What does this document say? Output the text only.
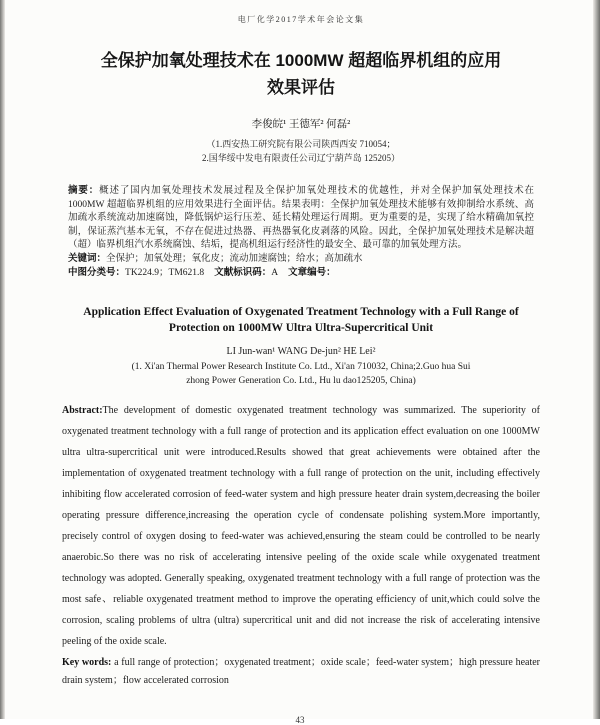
电厂化学2017学术年会论文集
全保护加氧处理技术在 1000MW 超超临界机组的应用
效果评估
李俊皖¹ 王德军² 何磊²
（1.西安热工研究院有限公司陕西西安 710054；
2.国华绥中发电有限责任公司辽宁葫芦岛 125205）

摘要：概述了国内加氧处理技术发展过程及全保护加氧处理技术的优越性，并对全保护加氧处理技术在 1000MW 超超临界机组的应用效果进行全面评估。结果表明：全保护加氧处理技术能够有效抑制给水系统、高加疏水系统流动加速腐蚀，降低锅炉运行压差、延长精处理运行周期。更为重要的是，实现了给水精确加氧控制，保证蒸汽基本无氧，不存在促进过热器、再热器氧化皮剥落的风险。因此，全保护加氧处理技术是解决超（超）临界机组汽水系统腐蚀、结垢，提高机组运行经济性的最安全、最可靠的加氧处理方法。

关键词：全保护；加氧处理；氧化皮；流动加速腐蚀；给水；高加疏水

中图分类号：TK224.9；TM621.8 文献标识码：A 文章编号：

Application Effect Evaluation of Oxygenated Treatment Technology with a Full Range of
Protection on 1000MW Ultra Ultra-Supercritical Unit
LI Jun-wan¹ WANG De-jun² HE Lei²
(1. Xi'an Thermal Power Research Institute Co. Ltd., Xi'an 710032, China;2.Guo hua Sui
zhong Power Generation Co. Ltd., Hu lu dao125205, China)

Abstract:The development of domestic oxygenated treatment technology was summarized. The superiority of oxygenated treatment technology with a full range of protection and its application effect evaluation on one 1000MW ultra ultra-supercritical unit were introduced.Results showed that great achievements were obtained after the implementation of oxygenated treatment technology with a full range of protection on the unit, including effectively inhibiting flow accelerated corrosion of feed-water system and high pressure heater drain system,decreasing the boiler operating pressure difference,increasing the operation cycle of condensate polishing system.More importantly, precisely control of oxygen dosing to feed-water was achieved,ensuring the steam could be controlled to be nearly anaerobic.So there was no risk of accelerating intensive peeling of the oxide scale while oxygenated treatment technology was adopted. Generally speaking, oxygenated treatment technology with a full range of protection was the most safe、reliable oxygenated treatment method to improve the operating efficiency of unit,which could solve the corrosion, scaling problems of ultra (ultra) supercritical unit and did not increase the risk of accelerating intensive peeling of the oxide scale.

Key words: a full range of protection；oxygenated treatment；oxide scale；feed-water system；high pressure heater drain system；flow accelerated corrosion

43
